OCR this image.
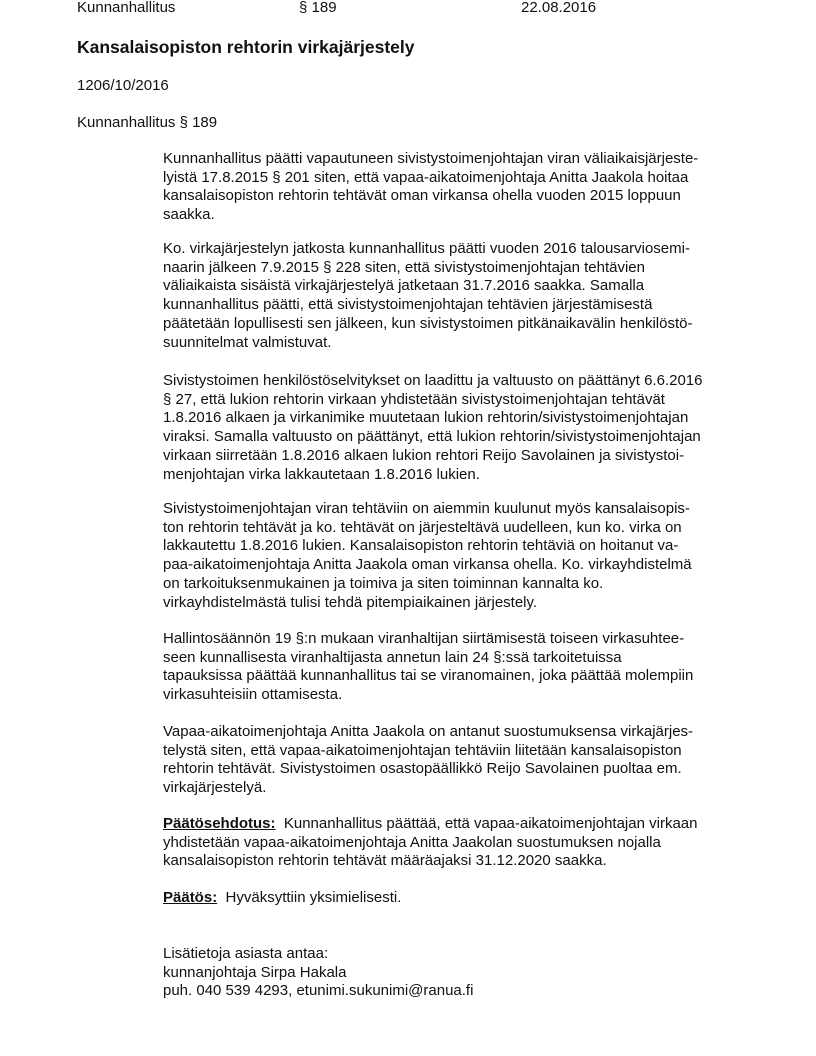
Kunnanhallitus	§ 189	22.08.2016
Kansalaisopiston rehtorin virkajärjestely
1206/10/2016
Kunnanhallitus § 189

Kunnanhallitus päätti vapautuneen sivistystoimenjohtajan viran väliaikaisjärjeste-
lyistä 17.8.2015 § 201 siten, että vapaa-aikatoimenjohtaja Anitta Jaakola hoitaa
kansalaisopiston rehtorin tehtävät oman virkansa ohella vuoden 2015 loppuun
saakka.

Ko. virkajärjestelyn jatkosta kunnanhallitus päätti vuoden 2016 talousarviosemi-
naarin jälkeen 7.9.2015 § 228 siten, että sivistystoimenjohtajan tehtävien
väliaikaista sisäistä virkajärjestelyä jatketaan 31.7.2016 saakka. Samalla
kunnanhallitus päätti, että sivistystoimenjohtajan tehtävien järjestämisestä
päätetään lopullisesti sen jälkeen, kun sivistystoimen pitkänaikavälin henkilöstö-
suunnitelmat valmistuvat.

Sivistystoimen henkilöstöselvitykset on laadittu ja valtuusto on päättänyt 6.6.2016
§ 27, että lukion rehtorin virkaan yhdistetään sivistystoimenjohtajan tehtävät
1.8.2016 alkaen ja virkanimike muutetaan lukion rehtorin/sivistystoimenjohtajan
viraksi. Samalla valtuusto on päättänyt, että lukion rehtorin/sivistystoimenjohtajan
virkaan siirretään 1.8.2016 alkaen lukion rehtori Reijo Savolainen ja sivistystoi-
menjohtajan virka lakkautetaan 1.8.2016 lukien.

Sivistystoimenjohtajan viran tehtäviin on aiemmin kuulunut myös kansalaisopis-
ton rehtorin tehtävät ja ko. tehtävät on järjesteltävä uudelleen, kun ko. virka on
lakkautettu 1.8.2016 lukien. Kansalaisopiston rehtorin tehtäviä on hoitanut va-
paa-aikatoimenjohtaja Anitta Jaakola oman virkansa ohella. Ko. virkayhdistelmä
on tarkoituksenmukainen ja toimiva ja siten toiminnan kannalta ko.
virkayhdistelmästä tulisi tehdä pitempiaikainen järjestely.

Hallintosäännön 19 §:n mukaan viranhaltijan siirtämisestä toiseen virkasuhtee-
seen kunnallisesta viranhaltijasta annetun lain 24 §:ssä tarkoitetuissa
tapauksissa päättää kunnanhallitus tai se viranomainen, joka päättää molempiin
virkasuhteisiin ottamisesta.

Vapaa-aikatoimenjohtaja Anitta Jaakola on antanut suostumuksensa virkajärjes-
telystä siten, että vapaa-aikatoimenjohtajan tehtäviin liitetään kansalaisopiston
rehtorin tehtävät. Sivistystoimen osastopäällikkö Reijo Savolainen puoltaa em.
virkajärjestelyä.

Päätösehdotus: Kunnanhallitus päättää, että vapaa-aikatoimenjohtajan virkaan
yhdistetään vapaa-aikatoimenjohtaja Anitta Jaakolan suostumuksen nojalla
kansalaisopiston rehtorin tehtävät määräajaksi 31.12.2020 saakka.

Päätös: Hyväksyttiin yksimielisesti.

Lisätietoja asiasta antaa:
kunnanjohtaja Sirpa Hakala
puh. 040 539 4293, etunimi.sukunimi@ranua.fi
